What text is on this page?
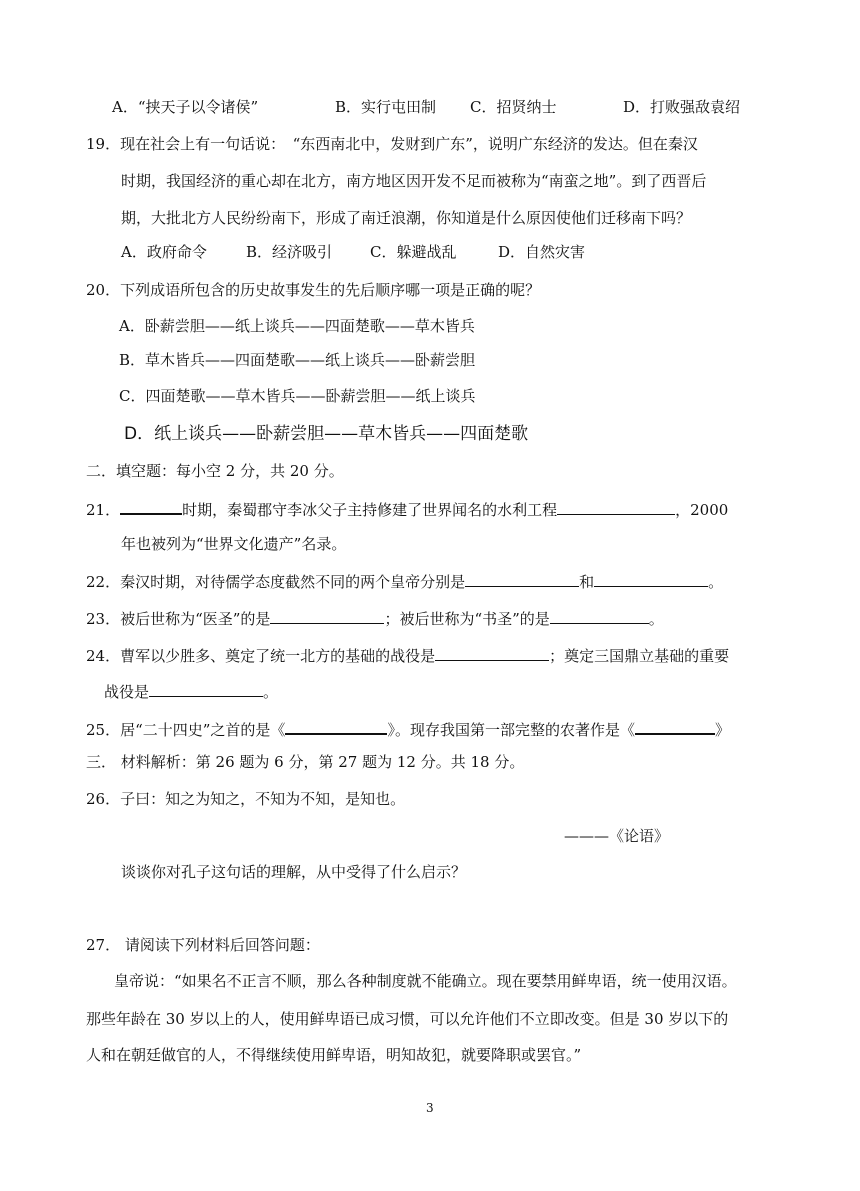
A．“挟天子以令诸侯”	B．实行屯田制 C．招贤纳士	D．打败强敌袁绍
19．现在社会上有一句话说：　“东西南北中，发财到广东”，说明广东经济的发达。但在秦汉
时期，我国经济的重心却在北方，南方地区因开发不足而被称为“南蛮之地”。到了西晋后
期，大批北方人民纷纷南下，形成了南迁浪潮，你知道是什么原因使他们迁移南下吗？
A．政府命令	B．经济吸引	C．躲避战乱	D．自然灾害
20．下列成语所包含的历史故事发生的先后顺序哪一项是正确的呢？
A．卧薪尝胆——纸上谈兵——四面楚歌——草木皆兵
B．草木皆兵——四面楚歌——纸上谈兵——卧薪尝胆
C．四面楚歌——草木皆兵——卧薪尝胆——纸上谈兵
D．纸上谈兵——卧薪尝胆——草木皆兵——四面楚歌
二．填空题：每小空 2 分，共 20 分。
21．	时期，秦蜀郡守李冰父子主持修建了世界闻名的水利工程	，2000
年也被列为“世界文化遗产”名录。
22．秦汉时期，对待儒学态度截然不同的两个皇帝分别是	和	。
23．被后世称为“医圣”的是	；被后世称为“书圣”的是	。
24．曹军以少胜多、奠定了统一北方的基础的战役是	；奠定三国鼎立基础的重要
战役是	。
25．居“二十四史”之首的是《	》。现存我国第一部完整的农著作是《	》
三． 材料解析：第 26 题为 6 分，第 27 题为 12 分。共 18 分。
26．子曰：知之为知之，不知为不知，是知也。
———《论语》
谈谈你对孔子这句话的理解，从中受得了什么启示？
27． 请阅读下列材料后回答问题：
皇帝说：“如果名不正言不顺，那么各种制度就不能确立。现在要禁用鲜卑语，统一使用汉语。
那些年龄在 30 岁以上的人，使用鲜卑语已成习惯，可以允许他们不立即改变。但是 30 岁以下的
人和在朝廷做官的人，不得继续使用鲜卑语，明知故犯，就要降职或罢官。”
3
